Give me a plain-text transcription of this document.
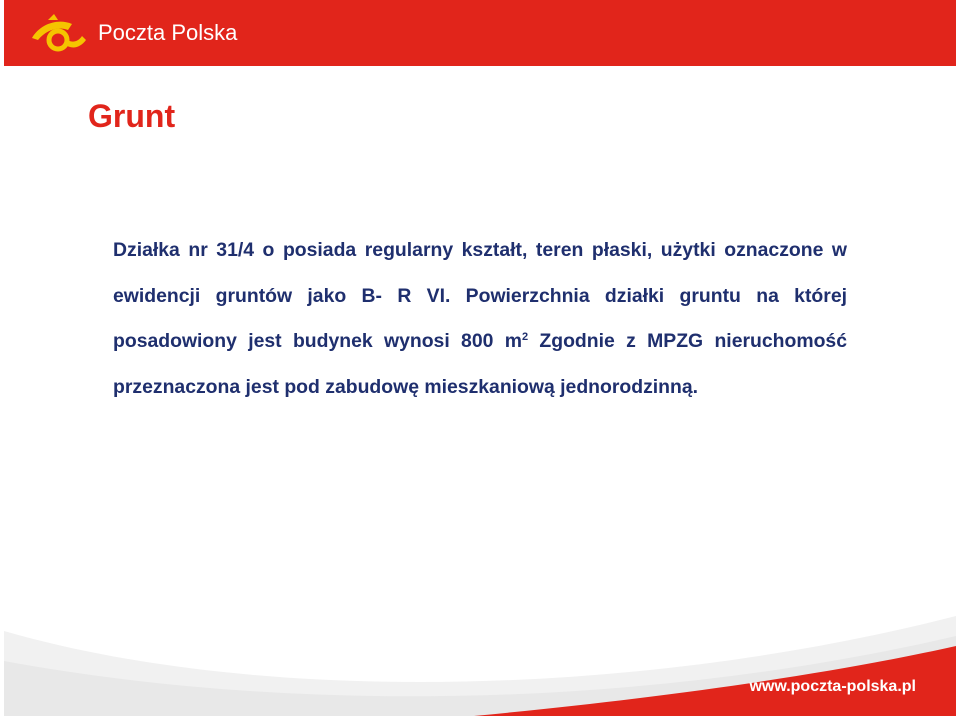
Poczta Polska
Grunt
Działka nr 31/4 o posiada regularny kształt, teren płaski, użytki oznaczone w ewidencji gruntów jako B- R VI. Powierzchnia działki gruntu na której posadowiony jest budynek wynosi 800 $m^2$ Zgodnie z MPZG nieruchomość przeznaczona jest pod zabudowę mieszkaniową jednorodzinną.
www.poczta-polska.pl
